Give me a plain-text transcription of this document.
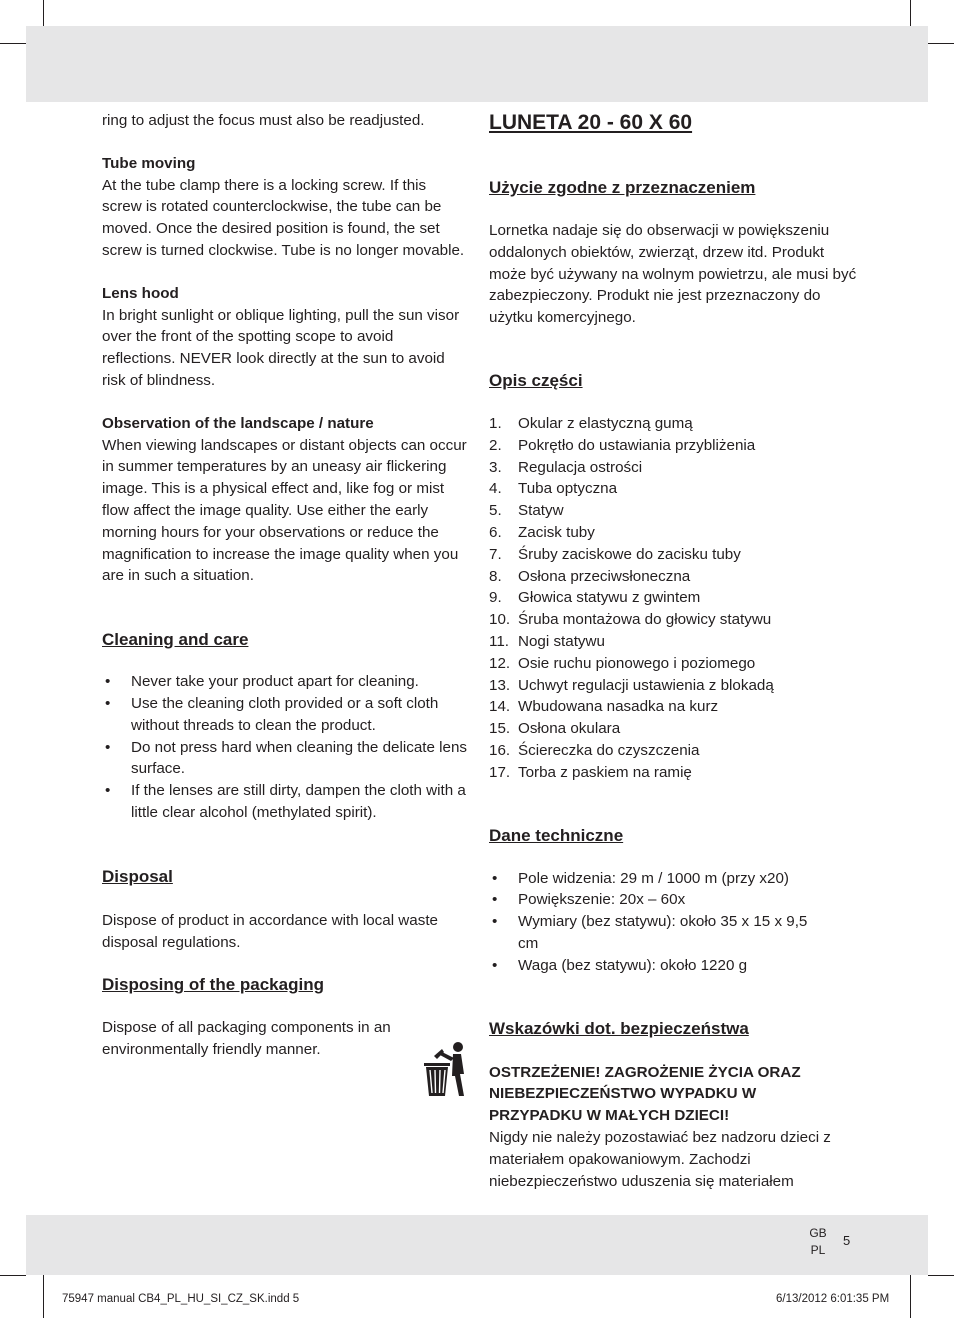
ring to adjust the focus must also be readjusted.

Tube moving

At the tube clamp there is a locking screw. If this screw is rotated counterclockwise, the tube can be moved. Once the desired position is found, the set screw is turned clockwise. Tube is no longer movable.

Lens hood

In bright sunlight or oblique lighting, pull the sun visor over the front of the spotting scope to avoid reflections. NEVER look directly at the sun to avoid risk of blindness.

Observation of the landscape / nature

When viewing landscapes or distant objects can occur in summer temperatures by an uneasy air flickering image. This is a physical effect and, like fog or mist flow affect the image quality. Use either the early morning hours for your observations or reduce the magnification to increase the image quality when you are in such a situation.

Cleaning and care

• Never take your product apart for cleaning.
• Use the cleaning cloth provided or a soft cloth without threads to clean the product.
• Do not press hard when cleaning the delicate lens surface.
• If the lenses are still dirty, dampen the cloth with a little clear alcohol (methylated spirit).

Disposal

Dispose of product in accordance with local waste disposal regulations.

Disposing of the packaging

Dispose of all packaging components in an environmentally friendly manner.

LUNETA 20 - 60 X 60

Użycie zgodne z przeznaczeniem

Lornetka nadaje się do obserwacji w powiększeniu oddalonych obiektów, zwierząt, drzew itd. Produkt może być używany na wolnym powietrzu, ale musi być zabezpieczony. Produkt nie jest przeznaczony do użytku komercyjnego.

Opis części

1. Okular z elastyczną gumą
2. Pokrętło do ustawiania przybliżenia
3. Regulacja ostrości
4. Tuba optyczna
5. Statyw
6. Zacisk tuby
7. Śruby zaciskowe do zacisku tuby
8. Osłona przeciwsłoneczna
9. Głowica statywu z gwintem
10. Śruba montażowa do głowicy statywu
11. Nogi statywu
12. Osie ruchu pionowego i poziomego
13. Uchwyt regulacji ustawienia z blokadą
14. Wbudowana nasadka na kurz
15. Osłona okulara
16. Ściereczka do czyszczenia
17. Torba z paskiem na ramię

Dane techniczne

• Pole widzenia: 29 m / 1000 m (przy x20)
• Powiększenie: 20x – 60x
• Wymiary (bez statywu): około 35 x 15 x 9,5 cm
• Waga (bez statywu): około 1220 g

Wskazówki dot. bezpieczeństwa

OSTRZEŻENIE! ZAGROŻENIE ŻYCIA ORAZ NIEBEZPIECZEŃSTWO WYPADKU W PRZYPADKU W MAŁYCH DZIECI!

Nigdy nie należy pozostawiać bez nadzoru dzieci z materiałem opakowaniowym. Zachodzi niebezpieczeństwo uduszenia się materiałem

GB
PL
5
75947 manual CB4_PL_HU_SI_CZ_SK.indd 5	6/13/2012 6:01:35 PM
